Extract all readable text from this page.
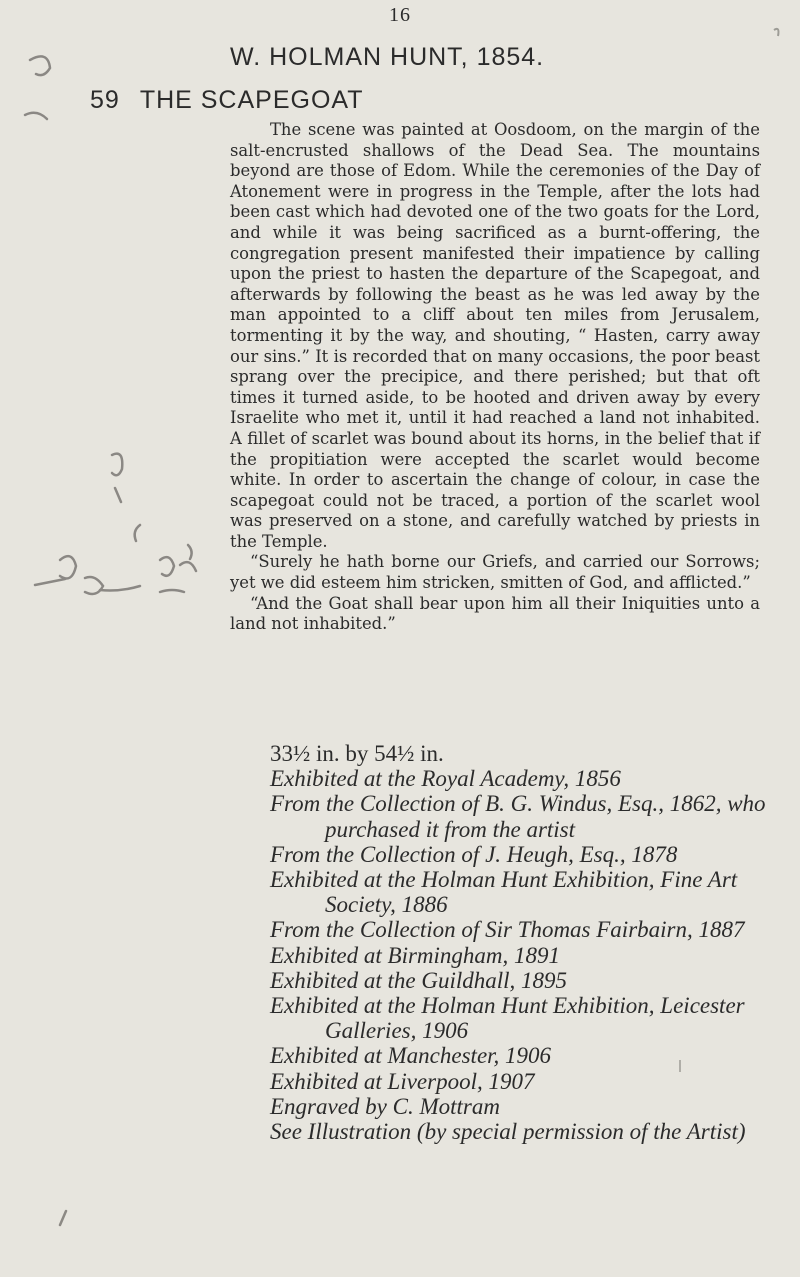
16
W. HOLMAN HUNT, 1854.
59 THE SCAPEGOAT

The scene was painted at Oosdoom, on the margin of the salt-encrusted shallows of the Dead Sea. The mountains beyond are those of Edom. While the ceremonies of the Day of Atonement were in progress in the Temple, after the lots had been cast which had devoted one of the two goats for the Lord, and while it was being sacrificed as a burnt-offering, the congregation present manifested their impatience by calling upon the priest to hasten the departure of the Scapegoat, and afterwards by following the beast as he was led away by the man appointed to a cliff about ten miles from Jerusalem, tormenting it by the way, and shouting, “ Hasten, carry away our sins.” It is recorded that on many occasions, the poor beast sprang over the precipice, and there perished; but that oft times it turned aside, to be hooted and driven away by every Israelite who met it, until it had reached a land not inhabited. A fillet of scarlet was bound about its horns, in the belief that if the propitiation were accepted the scarlet would become white. In order to ascertain the change of colour, in case the scapegoat could not be traced, a portion of the scarlet wool was preserved on a stone, and carefully watched by priests in the Temple.

“Surely he hath borne our Griefs, and carried our Sorrows; yet we did esteem him stricken, smitten of God, and afflicted.”

“And the Goat shall bear upon him all their Iniquities unto a land not inhabited.”

33½ in. by 54½ in.
Exhibited at the Royal Academy, 1856
From the Collection of B. G. Windus, Esq., 1862, who
purchased it from the artist
From the Collection of J. Heugh, Esq., 1878
Exhibited at the Holman Hunt Exhibition, Fine Art
Society, 1886
From the Collection of Sir Thomas Fairbairn, 1887
Exhibited at Birmingham, 1891
Exhibited at the Guildhall, 1895
Exhibited at the Holman Hunt Exhibition, Leicester
Galleries, 1906
Exhibited at Manchester, 1906
Exhibited at Liverpool, 1907
Engraved by C. Mottram
See Illustration (by special permission of the Artist)
